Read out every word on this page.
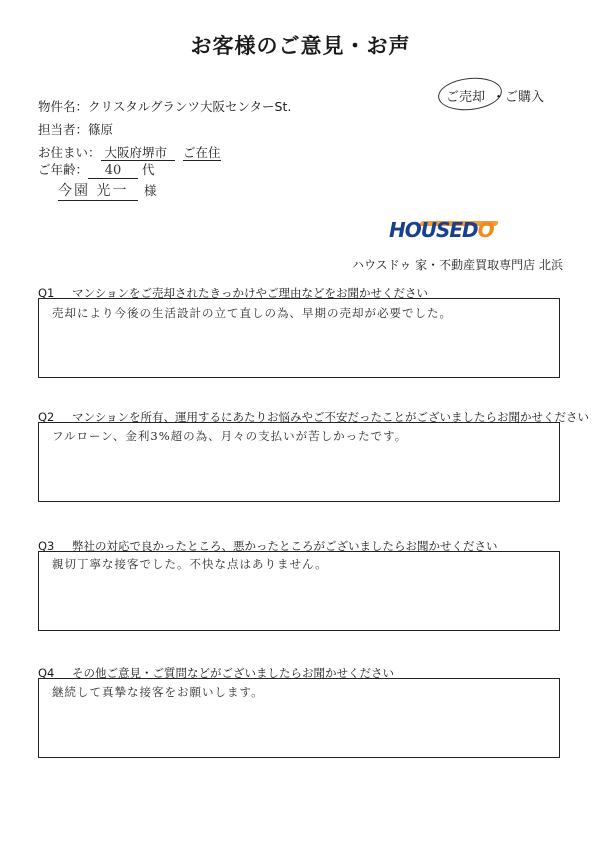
お客様のご意見・お声
ご売却 ・ ご購入
物件名：クリスタルグランツ大阪センターSt.
担当者：篠原
お住まい： 大阪府堺市 ご在住
ご年齢： 40 代
今園 光一 様
HOUSEDO
ハウスドゥ 家・不動産買取専門店 北浜
Q1 マンションをご売却されたきっかけやご理由などをお聞かせください
売却により今後の生活設計の立て直しの為、早期の売却が必要でした。
Q2 マンションを所有、運用するにあたりお悩みやご不安だったことがございましたらお聞かせください
フルローン、金利3%超の為、月々の支払いが苦しかったです。
Q3 弊社の対応で良かったところ、悪かったところがございましたらお聞かせください
親切丁寧な接客でした。不快な点はありません。
Q4 その他ご意見・ご質問などがございましたらお聞かせください
継続して真摯な接客をお願いします。
